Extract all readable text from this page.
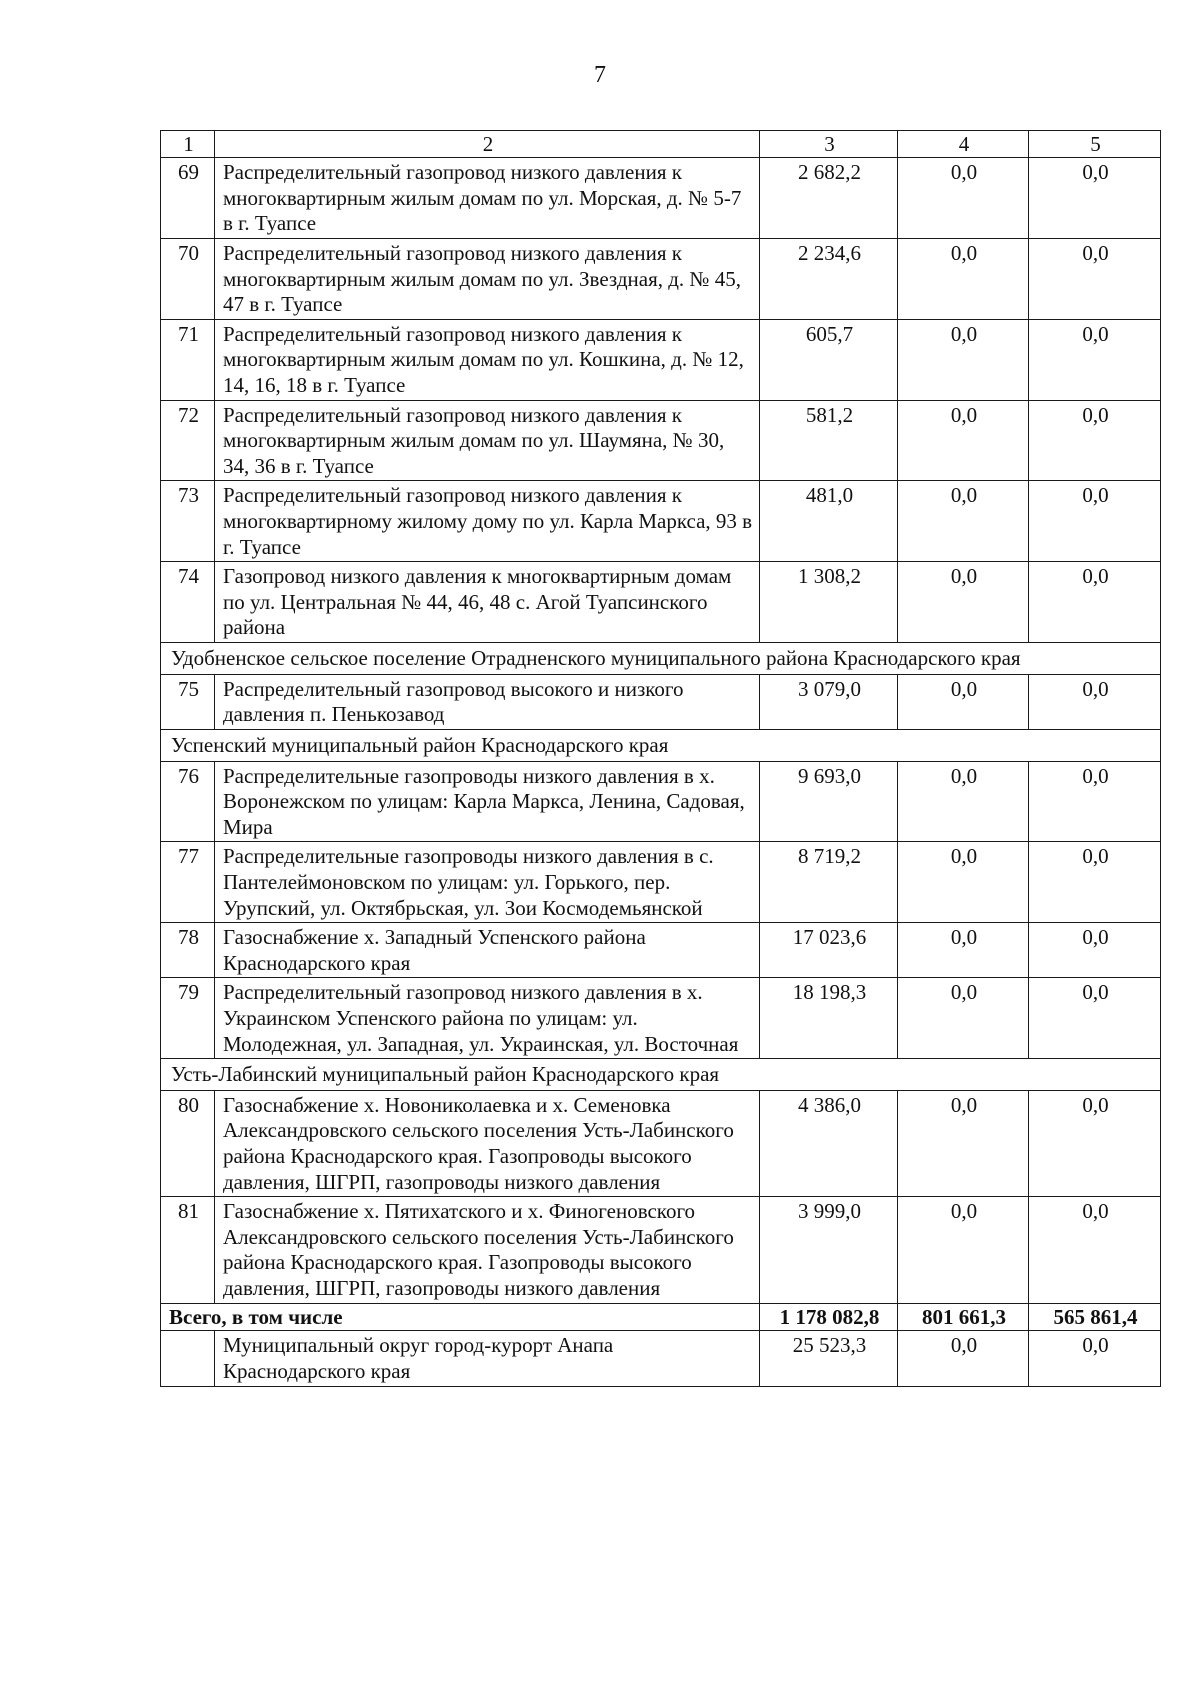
7
1	2	3	4	5
69	Распределительный газопровод низкого давления к многоквартирным жилым домам по ул. Морская, д. № 5-7 в г. Туапсе	2 682,2	0,0	0,0
70	Распределительный газопровод низкого давления к многоквартирным жилым домам по ул. Звездная, д. № 45, 47 в г. Туапсе	2 234,6	0,0	0,0
71	Распределительный газопровод низкого давления к многоквартирным жилым домам по ул. Кошкина, д. № 12, 14, 16, 18 в г. Туапсе	605,7	0,0	0,0
72	Распределительный газопровод низкого давления к многоквартирным жилым домам по ул. Шаумяна, № 30, 34, 36 в г. Туапсе	581,2	0,0	0,0
73	Распределительный газопровод низкого давления к многоквартирному жилому дому по ул. Карла Маркса, 93 в г. Туапсе	481,0	0,0	0,0
74	Газопровод низкого давления к многоквартирным домам по ул. Центральная № 44, 46, 48 с. Агой Туапсинского района	1 308,2	0,0	0,0
Удобненское сельское поселение Отрадненского муниципального района Краснодарского края				
75	Распределительный газопровод высокого и низкого давления п. Пенькозавод	3 079,0	0,0	0,0
Успенский муниципальный район Краснодарского края				
76	Распределительные газопроводы низкого давления в х. Воронежском по улицам: Карла Маркса, Ленина, Садовая, Мира	9 693,0	0,0	0,0
77	Распределительные газопроводы низкого давления в с. Пантелеймоновском по улицам: ул. Горького, пер. Урупский, ул. Октябрьская, ул. Зои Космодемьянской	8 719,2	0,0	0,0
78	Газоснабжение х. Западный Успенского района Краснодарского края	17 023,6	0,0	0,0
79	Распределительный газопровод низкого давления в х. Украинском Успенского района по улицам: ул. Молодежная, ул. Западная, ул. Украинская, ул. Восточная	18 198,3	0,0	0,0
Усть-Лабинский муниципальный район Краснодарского края				
80	Газоснабжение х. Новониколаевка и х. Семеновка Александровского сельского поселения Усть-Лабинского района Краснодарского края. Газопроводы высокого давления, ШГРП, газопроводы низкого давления	4 386,0	0,0	0,0
81	Газоснабжение х. Пятихатского и х. Финогеновского Александровского сельского поселения Усть-Лабинского района Краснодарского края. Газопроводы высокого давления, ШГРП, газопроводы низкого давления	3 999,0	0,0	0,0
Всего, в том числе		1 178 082,8	801 661,3	565 861,4
	Муниципальный округ город-курорт Анапа Краснодарского края	25 523,3	0,0	0,0
